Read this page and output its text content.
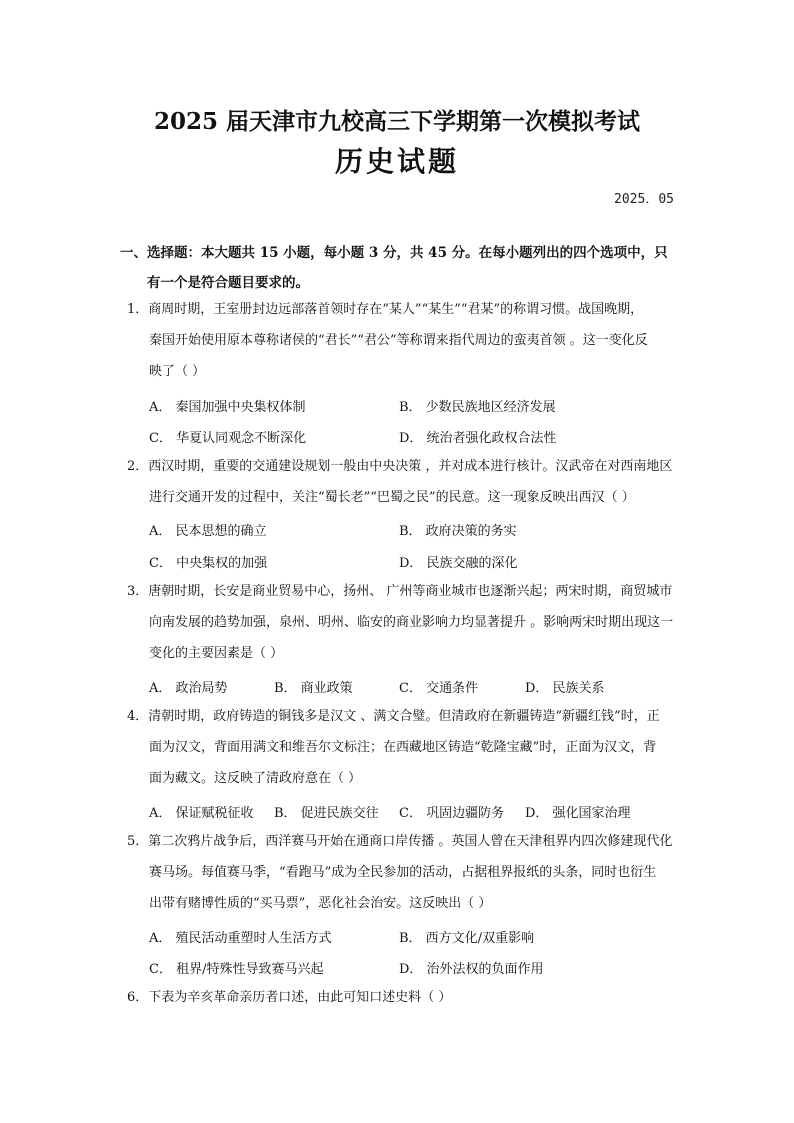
2025 届天津市九校高三下学期第一次模拟考试
历史试题
2025．05
一、选择题：本大题共 15 小题，每小题 3 分，共 45 分。在每小题列出的四个选项中，只
有一个是符合题目要求的。
1．商周时期，王室册封边远部落首领时存在“某人”“某生”“君某”的称谓习惯。战国晚期，
秦国开始使用原本尊称诸侯的“君长”“君公”等称谓来指代周边的蛮夷首领 。这一变化反
映了（ ）
A． 秦国加强中央集权体制	B． 少数民族地区经济发展
C． 华夏认同观念不断深化	D． 统治者强化政权合法性
2．西汉时期，重要的交通建设规划一般由中央决策 ，并对成本进行核计。汉武帝在对西南地区
进行交通开发的过程中，关注“蜀长老”“巴蜀之民”的民意。这一现象反映出西汉（ ）
A． 民本思想的确立	B． 政府决策的务实
C． 中央集权的加强	D． 民族交融的深化
3．唐朝时期，长安是商业贸易中心，扬州、 广州等商业城市也逐渐兴起；两宋时期，商贸城市
向南发展的趋势加强，泉州、明州、临安的商业影响力均显著提升 。影响两宋时期出现这一
变化的主要因素是（ ）
A． 政治局势	B． 商业政策	C． 交通条件	D． 民族关系
4．清朝时期，政府铸造的铜钱多是汉文 、满文合璧。但清政府在新疆铸造“新疆红钱”时，正
面为汉文，背面用满文和维吾尔文标注；在西藏地区铸造“乾隆宝藏”时，正面为汉文，背
面为藏文。这反映了清政府意在（ ）
A． 保证赋税征收 B． 促进民族交往 C． 巩固边疆防务 D． 强化国家治理
5．第二次鸦片战争后，西洋赛马开始在通商口岸传播 。英国人曾在天津租界内四次修建现代化
赛马场。每值赛马季，“看跑马”成为全民参加的活动，占据租界报纸的头条，同时也衍生
出带有赌博性质的“买马票”，恶化社会治安。这反映出（ ）
A． 殖民活动重塑时人生活方式	B． 西方文化/双重影响
C． 租界/特殊性导致赛马兴起	D． 治外法权的负面作用
6．下表为辛亥革命亲历者口述，由此可知口述史料（ ）
